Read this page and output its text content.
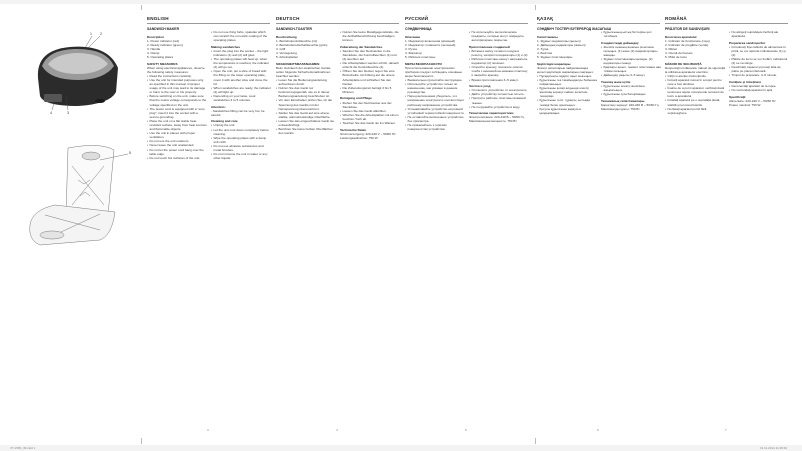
1 2
4	3
5
ENGLISH
SANDWICH MAKER
3
Description
1. Power indicator (red)
2. Ready indicator (green)
3. Handle
4. Clamp
5. Operating plates
SAFETY MEASURES
When using electrical appliances, observe the following safety measures:
• Read the instructions carefully.
• Use the unit for intended purposes only, as specified in this manual. Improper usage of the unit may lead to its damage or harm to the user or his property.
• Before switching on the unit, make sure that the mains voltage corresponds to the voltage specified on the unit.
• The power cord is equipped with a "euro plug"; insert it into the socket with a secure grounding.
• Place the unit on a flat stable heat-resistant surface, away from heat sources and flammable objects.
• Use the unit in places with proper ventilation.
• Do not use the unit outdoors.
• Never leave the unit unattended.
• Do not let the power cord hang over the table edge.
• Do not touch hot surfaces of the unit.
• Do not use thing forks, spatulas which can scratch the non-stick coating of the operating plates.
Making sandwiches
• Insert the plug into the socket – the light indicators (1) and (2) will glow.
• The operating plates will heat up; when the temperature is reached, the indicator (2) will go out.
• Open the unit, put a slice of bread with the filling on the lower operating plate, cover it with another slice and close the lid.
• When sandwiches are ready, the indicator (2) will light up.
• Depending on your taste, cook sandwiches 3 to 5 minutes.
Attention:
- Sandwiches filling can be very hot, be careful.
Cleaning and care
• Unplug the unit.
• Let the unit cool down completely before cleaning.
• Wipe the operating plates with a damp soft cloth.
• Do not use abrasive substances and metal brushes.
• Do not immerse the unit in water or any other liquids.
DEUTSCH
SANDWICH-TOASTER
4
Beschreibung
1. Betriebskontrollleuchte (rot)
2. Betriebsbereitschaftsleuchte (grün)
3. Griff
4. Verriegelung
5. Arbeitsplatten
SICHERHEITSMASSNAHMEN
Beim Gebrauch der elektrischen Geräte sollen folgende Sicherheitsmaßnahmen beachtet werden:
• Lesen Sie die Bedienungsanleitung aufmerksam durch.
• Nutzen Sie das Gerät nur bestimmungsgemäß, wie es in dieser Bedienungsanleitung beschrieben ist.
• Vor dem Einschalten prüfen Sie, ob die Spannung des Geräts mit der Netzspannung übereinstimmt.
• Stellen Sie das Gerät auf eine ebene, stabile, wärmebeständige Oberfläche.
• Lassen Sie das eingeschaltete Gerät nie unbeaufsichtigt.
• Berühren Sie keine heißen Oberflächen des Geräts.
• Nutzen Sie keine Metallgegenstände, die die Antihaftbeschichtung beschädigen können.
Zubereitung der Sandwiches
• Stecken Sie den Netzstecker in die Steckdose, die Kontrollleuchten (1) und (2) leuchten auf.
• Die Arbeitsplatten werden erhitzt, danach erlischt die Kontrollleuchte (2).
• Öffnen Sie den Deckel, legen Sie eine Brotscheibe mit Füllung auf die untere Arbeitsplatte und schließen Sie den Deckel.
• Die Zubereitungszeit beträgt 3 bis 5 Minuten.
Reinigung und Pflege
• Ziehen Sie den Netzstecker aus der Steckdose.
• Lassen Sie das Gerät abkühlen.
• Wischen Sie die Arbeitsplatten mit einem feuchten Tuch ab.
• Tauchen Sie das Gerät nie ins Wasser.
Technische Daten
Stromversorgung: 220-240 V ~ 50/60 Hz
Leistungsaufnahme: 750 W
РУССКИЙ
СЭНДВИЧНИЦА
5
Описание
1. Индикатор включения (красный)
2. Индикатор готовности (зеленый)
3. Ручка
4. Фиксатор
5. Рабочие пластины
МЕРЫ БЕЗОПАСНОСТИ
При использовании электрических приборов следует соблюдать основные меры безопасности:
• Внимательно прочитайте инструкцию.
• Используйте устройство только по назначению, как указано в данном руководстве.
• Перед включением убедитесь, что напряжение электросети соответствует рабочему напряжению устройства.
• Устанавливайте устройство на ровной устойчивой термостойкой поверхности.
• Не оставляйте включенное устройство без присмотра.
• Не прикасайтесь к горячим поверхностям устройства.
• Не используйте металлические предметы, которые могут повредить антипригарное покрытие.
Приготовление сэндвичей
• Вставьте вилку сетевого шнура в розетку, загорятся индикаторы (1) и (2).
• Рабочие пластины начнут нагреваться, индикатор (2) погаснет.
• Откройте крышку, положите ломтик хлеба с начинкой на нижнюю пластину и закройте крышку.
• Время приготовления 3–5 минут.
Чистка и уход
• Отключите устройство от электросети.
• Дайте устройству полностью остыть.
• Протрите рабочие пластины влажной тканью.
• Не погружайте устройство в воду.
Технические характеристики
Электропитание: 220-240 В ~ 50/60 Гц
Максимальная мощность: 750 Вт
ҚАЗАҚ
СЭНДВИЧ ТОСТЕРІ БУТЕРБРОД ЖАСАҒЫШ
6
Сипаттамасы
1. Жұмыс индикаторы (қызыл)
2. Дайындық индикаторы (жасыл)
3. Тұтқа
4. Бекіткіш
5. Жұмыс пластиналары
Қауіпсіздік шаралары
Электр аспаптарын пайдаланғанда келесі қауіпсіздік шараларын сақтаңыз:
• Нұсқаулықты мұқият оқып шығыңыз.
• Құрылғыны тек тағайындалуы бойынша пайдаланыңыз.
• Құрылғыны қосар алдында электр желісінің кернеуі сәйкес келетінін тексеріңіз.
• Құрылғыны тегіс, тұрақты, ыстыққа төзімді бетке орнатыңыз.
• Қосулы құрылғыны қараусыз қалдырмаңыз.
• Құрылғының ыстық беттеріне қол тигізбеңіз.
Сэндвичтерді дайындау
• Желілік сымның ашасын розеткаға салыңыз, (1) және (2) индикаторлары жанады.
• Жұмыс пластиналары қызады, (2) индикаторы сөнеді.
• Қақпақты ашып, төменгі пластинаға нан тілімін салыңыз.
• Дайындау уақыты 3–5 минут.
Тазалау және күтім
• Құрылғыны электр желісінен ажыратыңыз.
• Құрылғыны суға батырмаңыз.
Техникалық сипаттамалары
Қоректену кернеуі: 220-240 В ~ 50/60 Гц
Максималды қуаты: 750 Вт
ROMÂNĂ
PRĂJITOR DE SANDVIŞURI
7
Descrierea aparatului
1. Indicator de funcţionare (roşu)
2. Indicator de pregătire (verde)
3. Mâner
4. Clemă de blocare
5. Plăci de lucru
MĂSURI DE SIGURANŢĂ
Respectaţi următoarele măsuri de siguranţă la utilizarea aparatelor electrice:
• Citiţi cu atenţie instrucţiunile.
• Folosiţi aparatul numai în scopul pentru care a fost destinat.
• Înainte de a porni aparatul, verificaţi dacă tensiunea reţelei corespunde tensiunii de lucru a aparatului.
• Instalaţi aparatul pe o suprafaţă plană, stabilă şi termorezistentă.
• Nu lăsaţi aparatul pornit fără supraveghere.
• Nu atingeţi suprafeţele fierbinţi ale aparatului.
Prepararea sandvişurilor
• Introduceţi fişa cablului de alimentare în priză, se vor aprinde indicatoarele (1) şi (2).
• Plăcile de lucru se vor încălzi, indicatorul (2) se va stinge.
• Deschideţi capacul şi puneţi felia de pâine pe placa inferioară.
• Timpul de preparare: 3–5 minute.
Curăţare şi întreţinere
• Deconectaţi aparatul de la reţea.
• Nu scufundaţi aparatul în apă.
Specificaţii
Alimentare: 220-240 V ~ 50/60 Hz
Putere maximă: 750 W
VT-1583_IM.indd 1	13.11.2014 11:48:40
